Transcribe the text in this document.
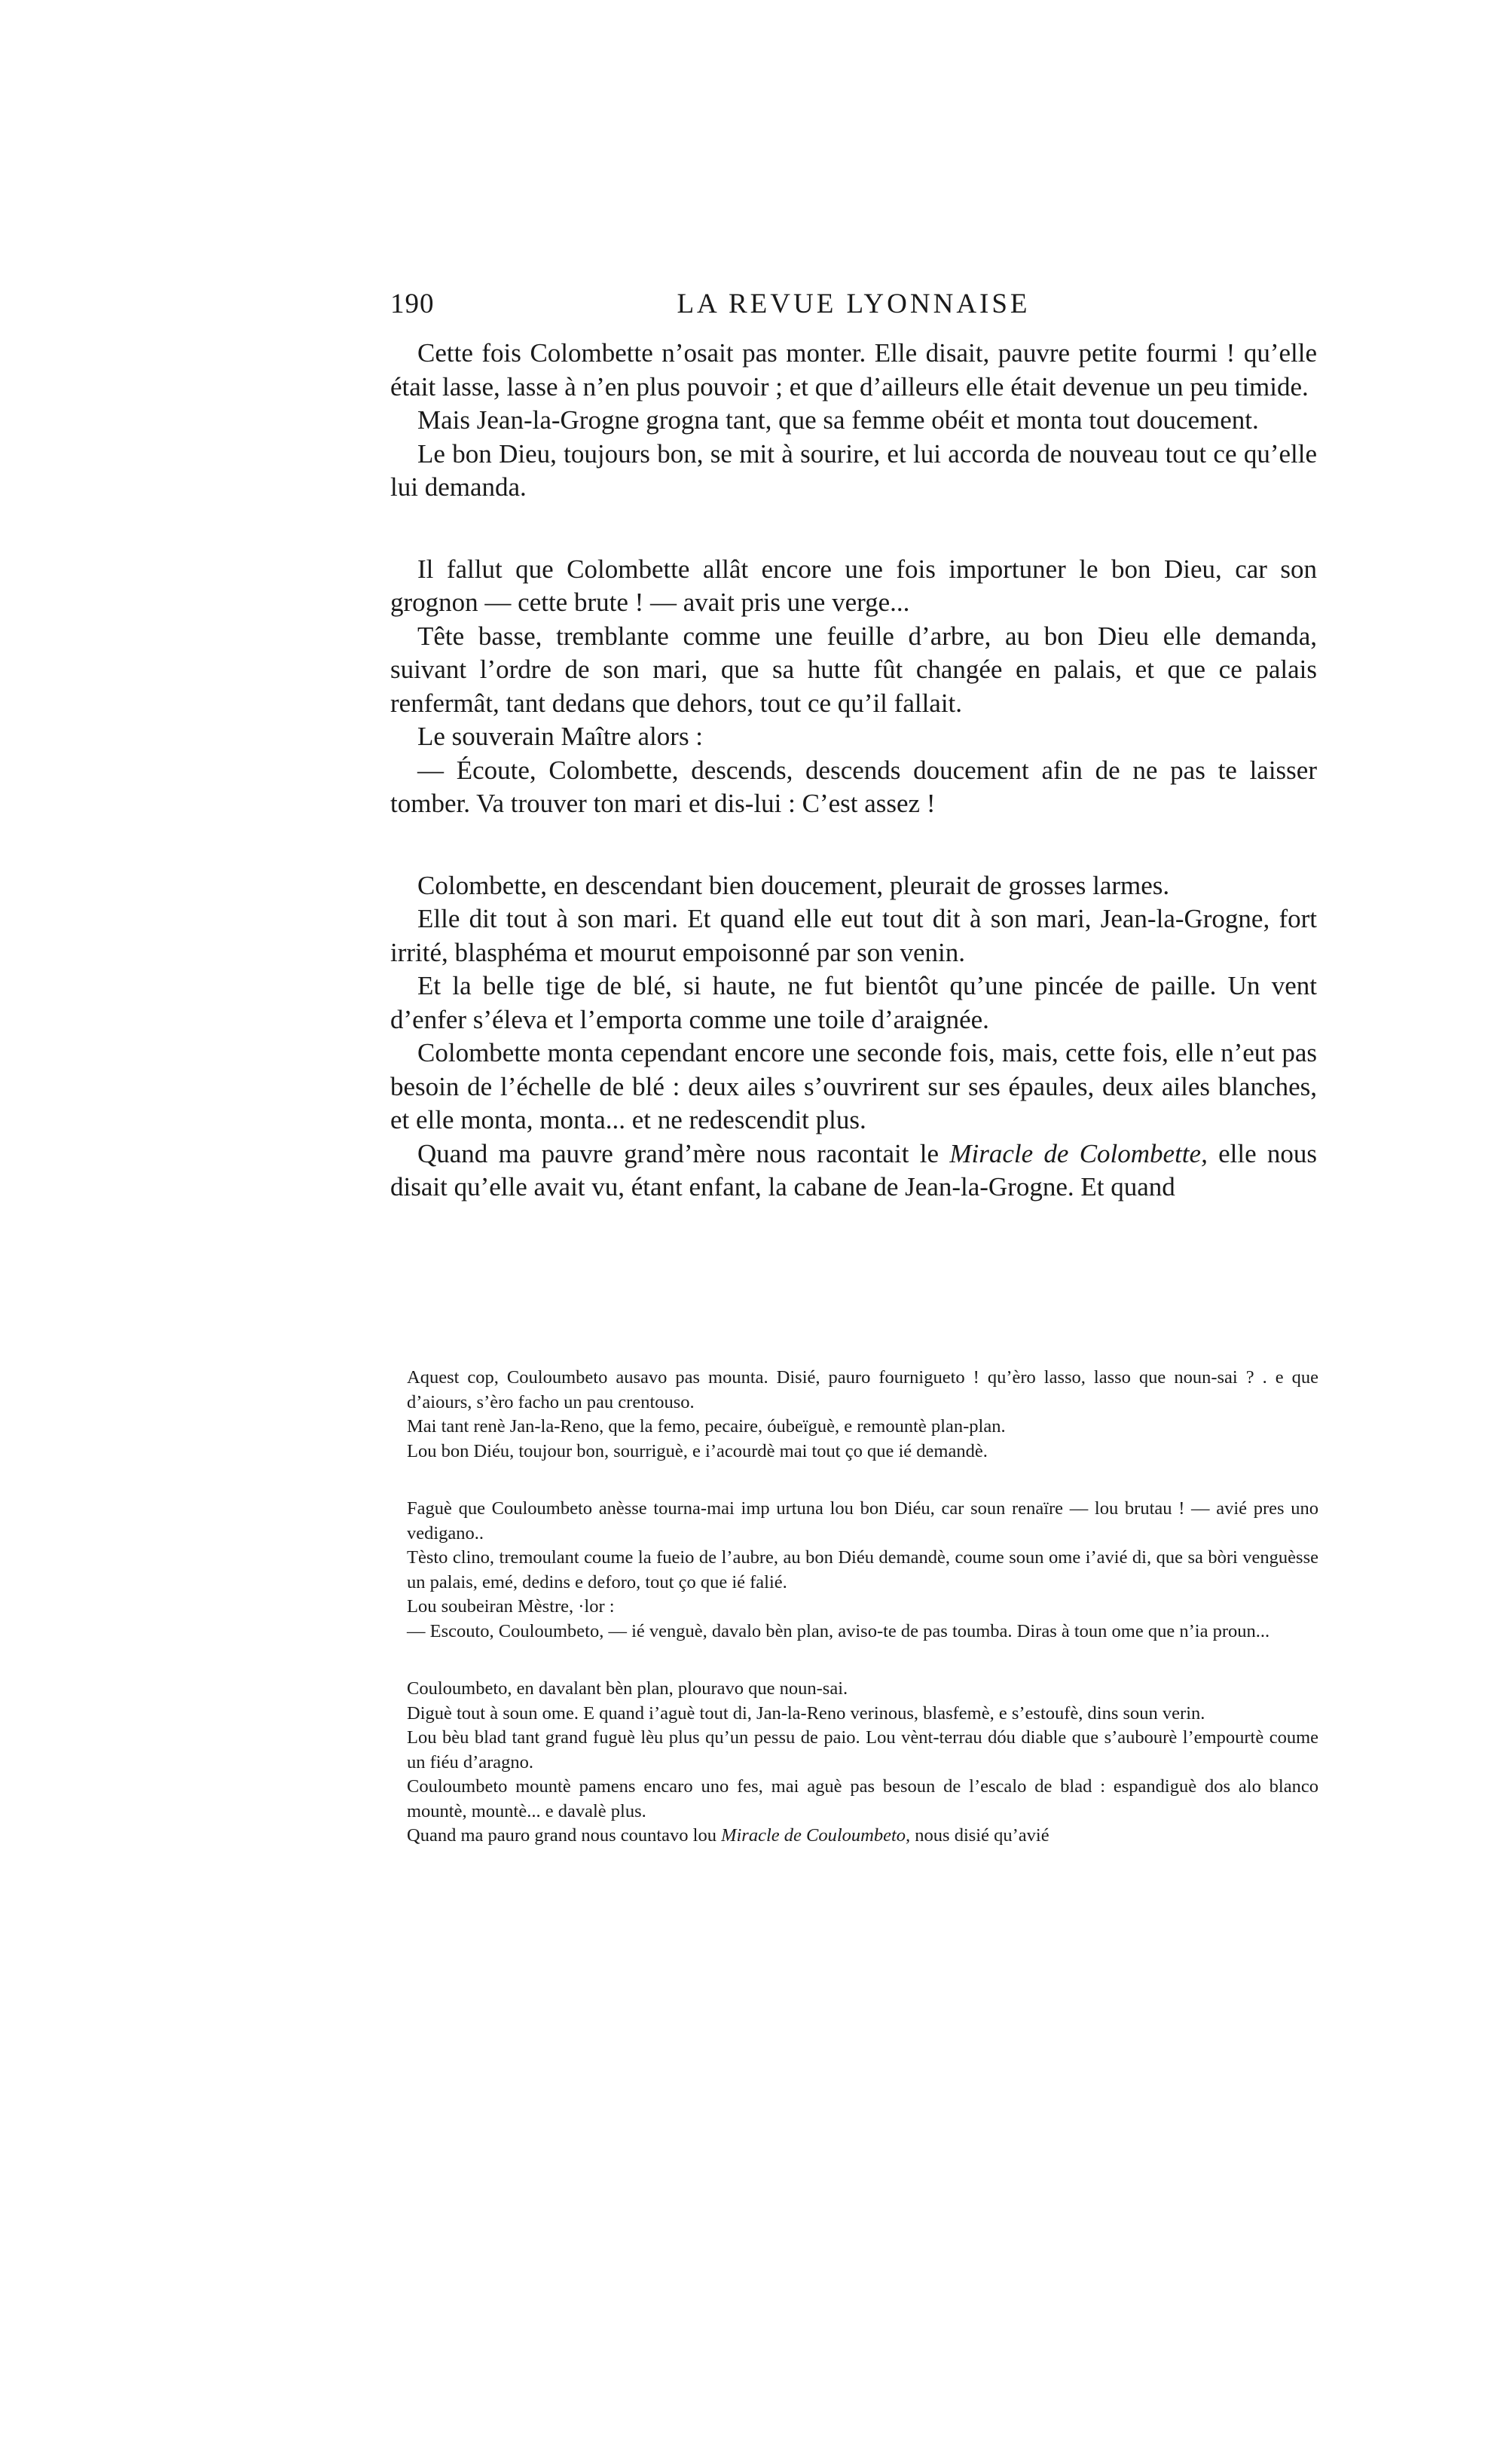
190	LA REVUE LYONNAISE

Cette fois Colombette n’osait pas monter. Elle disait, pauvre petite fourmi ! qu’elle était lasse, lasse à n’en plus pouvoir ; et que d’ailleurs elle était devenue un peu timide.

Mais Jean-la-Grogne grogna tant, que sa femme obéit et monta tout doucement.

Le bon Dieu, toujours bon, se mit à sourire, et lui accorda de nouveau tout ce qu’elle lui demanda.

Il fallut que Colombette allât encore une fois importuner le bon Dieu, car son grognon — cette brute ! — avait pris une verge...

Tête basse, tremblante comme une feuille d’arbre, au bon Dieu elle demanda, suivant l’ordre de son mari, que sa hutte fût changée en palais, et que ce palais renfermât, tant dedans que dehors, tout ce qu’il fallait.

Le souverain Maître alors :

— Écoute, Colombette, descends, descends doucement afin de ne pas te laisser tomber. Va trouver ton mari et dis-lui : C’est assez !

Colombette, en descendant bien doucement, pleurait de grosses larmes.

Elle dit tout à son mari. Et quand elle eut tout dit à son mari, Jean-la-Grogne, fort irrité, blasphéma et mourut empoisonné par son venin.

Et la belle tige de blé, si haute, ne fut bientôt qu’une pincée de paille. Un vent d’enfer s’éleva et l’emporta comme une toile d’araignée.

Colombette monta cependant encore une seconde fois, mais, cette fois, elle n’eut pas besoin de l’échelle de blé : deux ailes s’ouvrirent sur ses épaules, deux ailes blanches, et elle monta, monta... et ne redescendit plus.

Quand ma pauvre grand’mère nous racontait le Miracle de Colombette, elle nous disait qu’elle avait vu, étant enfant, la cabane de Jean-la-Grogne. Et quand

Aquest cop, Couloumbeto ausavo pas mounta. Disié, pauro fournigueto ! qu’èro lasso, lasso que noun-sai ? . e que d’aiours, s’èro facho un pau crentouso.

Mai tant renè Jan-la-Reno, que la femo, pecaire, óubeïguè, e remountè plan-plan.

Lou bon Diéu, toujour bon, sourriguè, e i’acourdè mai tout ço que ié demandè.

Faguè que Couloumbeto anèsse tourna-mai imp urtuna lou bon Diéu, car soun renaïre — lou brutau ! — avié pres uno vedigano..

Tèsto clino, tremoulant coume la fueio de l’aubre, au bon Diéu demandè, coume soun ome i’avié di, que sa bòri venguèsse un palais, emé, dedins e deforo, tout ço que ié falié.

Lou soubeiran Mèstre, ·lor :

— Escouto, Couloumbeto, — ié venguè, davalo bèn plan, aviso-te de pas toumba. Diras à toun ome que n’ia proun...

Couloumbeto, en davalant bèn plan, plouravo que noun-sai.

Diguè tout à soun ome. E quand i’aguè tout di, Jan-la-Reno verinous, blasfemè, e s’estoufè, dins soun verin.

Lou bèu blad tant grand fuguè lèu plus qu’un pessu de paio. Lou vènt-terrau dóu diable que s’aubourè l’empourtè coume un fiéu d’aragno.

Couloumbeto mountè pamens encaro uno fes, mai aguè pas besoun de l’escalo de blad : espandiguè dos alo blanco mountè, mountè... e davalè plus.

Quand ma pauro grand nous countavo lou Miracle de Couloumbeto, nous disié qu’avié
